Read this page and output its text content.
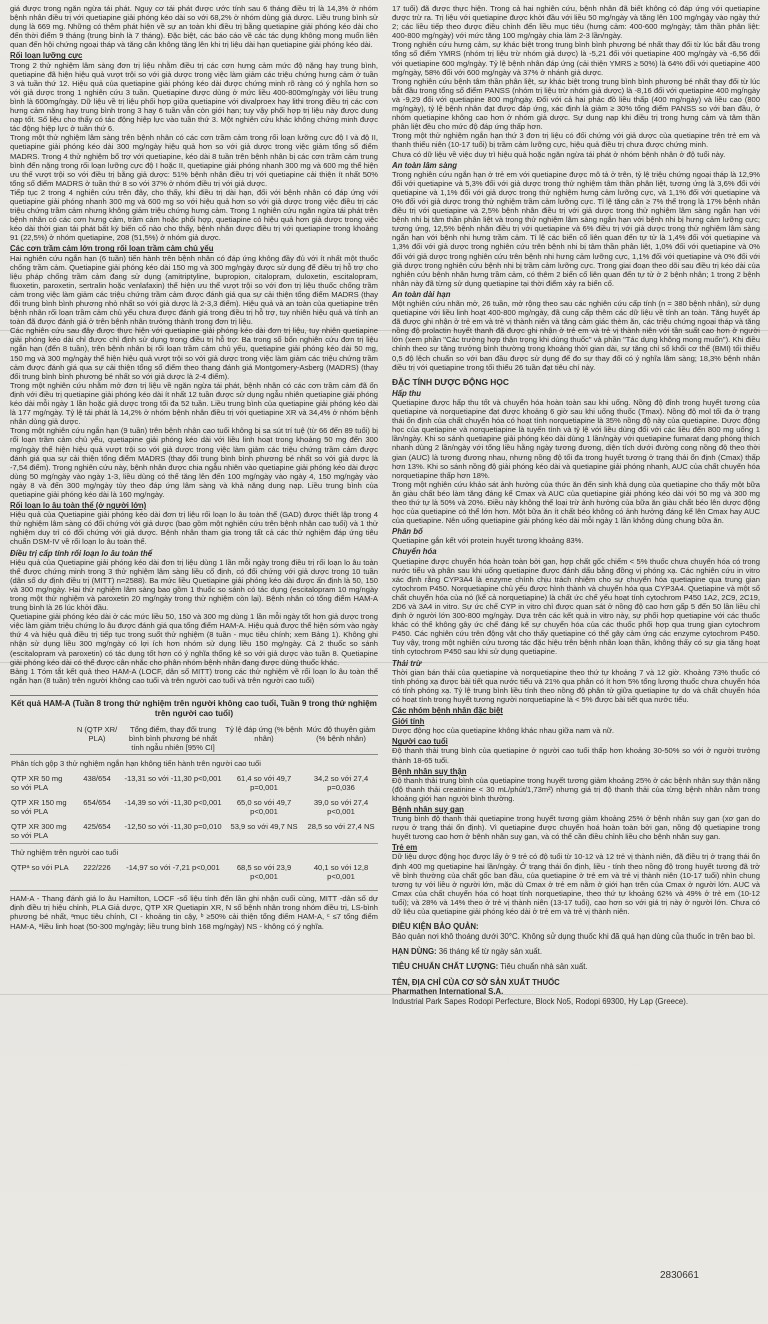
giá được trong ngăn ngừa tái phát. Nguy cơ tái phát được ước tính sau 6 tháng điều trị là 14,3% ở nhóm bệnh nhân điều trị với quetiapine giải phóng kéo dài so với 68,2% ở nhóm dùng giả dược. Liều trung bình sử dụng là 669 mg. Những có thêm phát hiện về sự an toàn khi điều trị bằng quetiapine giải phóng kéo dài cho đến thời điểm 9 tháng (trung bình là 7 tháng). Đặc biệt, các báo cáo về các tác dụng không mong muốn liên quan đến hội chứng ngoại tháp và tăng cân không tăng lên khi trị liệu dài hạn quetiapine giải phóng kéo dài.

Rối loạn lưỡng cực

Trong 2 thử nghiệm lâm sàng đơn trị liệu nhằm điều trị các cơn hưng cảm mức độ nặng hay trung bình, quetiapine đã hiện hiệu quả vượt trội so với giả dược trong việc làm giảm các triệu chứng hưng cảm ở tuần 3 và tuần thứ 12. Hiệu quả của quetiapine giải phóng kéo dài được chứng minh rõ ràng có ý nghĩa hơn so với giả dược trong 1 nghiên cứu 3 tuần. Quetiapine được dùng ở mức liều 400-800mg/ngày với liều trung bình là 600mg/ngày. Dữ liệu về trị liệu phối hợp giữa quetiapine với divalproex hay lithi trong điều trị các cơn hưng cảm nặng hay trung bình trong 3 hay 6 tuần vẫn còn giới hạn; tuy vậy phối hợp trị liệu này được dung nạp tốt. Số liệu cho thấy có tác động hiệp lực vào tuần thứ 3. Một nghiên cứu khác không chứng minh được tác động hiệp lực ở tuần thứ 6.

Trong một thử nghiệm lâm sàng trên bệnh nhân có các cơn trầm cảm trong rối loạn lưỡng cực độ I và độ II, quetiapine giải phóng kéo dài 300 mg/ngày hiệu quả hơn so với giả dược trong việc giảm tổng số điểm MADRS. Trong 4 thử nghiệm bổ trợ với quetiapine, kéo dài 8 tuần trên bệnh nhân bị các cơn trầm cảm trung bình đến nặng trong rối loạn lưỡng cực độ I hoặc II, quetiapine giải phóng nhanh 300 mg và 600 mg thể hiện ưu thế vượt trội so với điều trị bằng giả dược: 51% bệnh nhân điều trị với quetiapine cải thiện ít nhất 50% tổng số điểm MADRS ở tuần thứ 8 so với 37% ở nhóm điều trị với giả dược.

Tiếp tục 2 trong 4 nghiên cứu trên đây, cho thấy, khi điều trị dài hạn, đối với bệnh nhân có đáp ứng với quetiapine giải phóng nhanh 300 mg và 600 mg so với hiệu quả hơn so với giả dược trong việc điều trị các triệu chứng trầm cảm nhưng không giảm triệu chứng hưng cảm. Trong 1 nghiên cứu ngăn ngừa tái phát trên bệnh nhân có các cơn hưng cảm, trầm cảm hoặc phối hợp, quetiapine có hiệu quả hơn giả dược trong việc kéo dài thời gian tái phát bất kỳ biến cố nào cho thấy, bệnh nhân được điều trị với quetiapine trong khoảng 91 (22,5%) ở nhóm quetiapine, 208 (51,5%) ở nhóm giả dược.

Các cơn trầm cảm lớn trong rối loạn trầm cảm chủ yếu

Hai nghiên cứu ngắn hạn (6 tuần) tiến hành trên bệnh nhân có đáp ứng không đầy đủ với ít nhất một thuốc chống trầm cảm. Quetiapine giải phóng kéo dài 150 mg và 300 mg/ngày được sử dụng để điều trị hỗ trợ cho liệu pháp chống trầm cảm đang sử dụng (amitriptyline, bupropion, citalopram, duloxetin, escitalopram, fluoxetin, paroxetin, sertralin hoặc venlafaxin) thể hiện ưu thế vượt trội so với đơn trị liệu thuốc chống trầm cảm trong việc làm giảm các triệu chứng trầm cảm được đánh giá qua sự cải thiện tổng điểm MADRS (thay đổi trung bình bình phương nhỏ nhất so với giả dược là 2-3,3 điểm). Hiệu quả và an toàn của quetiapine trên bệnh nhân rối loạn trầm cảm chủ yếu chưa được đánh giá trong điều trị hỗ trợ, tuy nhiên hiệu quả và tính an toàn đã được đánh giá ở trên bệnh nhân trưởng thành trong đơn trị liệu.

Các nghiên cứu sau đây được thực hiện với quetiapine giải phóng kéo dài đơn trị liệu, tuy nhiên quetiapine giải phóng kéo dài chỉ được chỉ định sử dụng trong điều trị hỗ trợ: Ba trong số bốn nghiên cứu đơn trị liệu ngắn hạn (đến 8 tuần), trên bệnh nhân bị rối loạn trầm cảm chủ yếu, quetiapine giải phóng kéo dài 50 mg, 150 mg và 300 mg/ngày thể hiện hiệu quả vượt trội so với giả dược trong việc làm giảm các triệu chứng trầm cảm được đánh giá qua sự cải thiện tổng số điểm theo thang đánh giá Montgomery-Asberg (MADRS) (thay đổi trung bình bình phương bé nhất so với giả dược là 2-4 điểm).

Trong một nghiên cứu nhằm mở đơn trị liệu về ngăn ngừa tái phát, bệnh nhân có các cơn trầm cảm đã ổn định với điều trị quetiapine giải phóng kéo dài ít nhất 12 tuần được sử dụng ngẫu nhiên quetiapine giải phóng kéo dài mỗi ngày 1 lần hoặc giả dược trong tối đa 52 tuần. Liều trung bình của quetiapine giải phóng kéo dài là 177 mg/ngày. Tỷ lệ tái phát là 14,2% ở nhóm bệnh nhân điều trị với quetiapine XR và 34,4% ở nhóm bệnh nhân dùng giả dược.

Trong một nghiên cứu ngắn hạn (9 tuần) trên bệnh nhân cao tuổi không bị sa sút trí tuệ (từ 66 đến 89 tuổi) bị rối loạn trầm cảm chủ yếu, quetiapine giải phóng kéo dài với liều linh hoạt trong khoảng 50 mg đến 300 mg/ngày thể hiện hiệu quả vượt trội so với giả dược trong việc làm giảm các triệu chứng trầm cảm được đánh giá qua sự cải thiện tổng điểm MADRS (thay đổi trung bình bình phương bé nhất so với giả dược là -7,54 điểm). Trong nghiên cứu này, bệnh nhân được chia ngẫu nhiên vào quetiapine giải phóng kéo dài được dùng 50 mg/ngày vào ngày 1-3, liều dùng có thể tăng lên đến 100 mg/ngày vào ngày 4, 150 mg/ngày vào ngày 8 và đến 300 mg/ngày tùy theo đáp ứng lâm sàng và khả năng dung nạp. Liều trung bình của quetiapine giải phóng kéo dài là 160 mg/ngày.

Rối loạn lo âu toàn thể (ở người lớn)

Hiệu quả của Quetiapine giải phóng kéo dài đơn trị liệu rối loạn lo âu toàn thể (GAD) được thiết lập trong 4 thử nghiệm lâm sàng có đối chứng với giả dược (bao gồm một nghiên cứu trên bệnh nhân cao tuổi) và 1 thử nghiệm duy trì có đối chứng với giả dược. Bệnh nhân tham gia trong tất cả các thử nghiệm đáp ứng tiêu chuẩn DSM-IV về rối loạn lo âu toàn thể.

Điều trị cấp tính rối loạn lo âu toàn thể

Hiệu quả của Quetiapine giải phóng kéo dài đơn trị liệu dùng 1 lần mỗi ngày trong điều trị rối loạn lo âu toàn thể được chứng minh trong 3 thử nghiệm lâm sàng liều cố định, có đối chứng với giả dược trong 10 tuần (dân số dự định điều trị (MITT) n=2588). Ba mức liều Quetiapine giải phóng kéo dài được ấn định là 50, 150 và 300 mg/ngày. Hai thử nghiệm lâm sàng bao gồm 1 thuốc so sánh có tác dụng (escitalopram 10 mg/ngày trong một thử nghiệm và paroxetin 20 mg/ngày trong thử nghiệm còn lại). Bệnh nhân có tổng điểm HAM-A trung bình là 26 lúc khởi đầu.

Quetiapine giải phóng kéo dài ở các mức liều 50, 150 và 300 mg dùng 1 lần mỗi ngày tốt hơn giả dược trong việc làm giảm triệu chứng lo âu được đánh giá qua tổng điểm HAM-A. Hiệu quả được thể hiện sớm vào ngày thứ 4 và hiệu quả điều trị tiếp tục trong suốt thử nghiệm (8 tuần - mục tiêu chính; xem Bảng 1). Không ghi nhận sử dụng liều 300 mg/ngày có lợi ích hơn nhóm sử dụng liều 150 mg/ngày. Cả 2 thuốc so sánh (escitalopram và paroxetin) có tác dụng tốt hơn có ý nghĩa thống kê so với giả dược vào tuần 8. Quetiapine giải phóng kéo dài có thể được cân nhắc cho phân nhóm bệnh nhân đang được dùng thuốc khác.

Bảng 1 Tóm tắt kết quả theo HAM-A (LOCF, dân số MITT) trong các thử nghiệm về rối loạn lo âu toàn thể ngắn hạn (8 tuần) trên người không cao tuổi và trên người cao tuổi và trên người cao tuổi)

Kết quả HAM-A (Tuần 8 trong thử nghiệm trên người không cao tuổi, Tuần 9 trong thử nghiệm trên người cao tuổi)
	N (QTP XR/ PLA)	Tổng điểm, thay đổi trung bình bình phương bé nhất tính ngẫu nhiên [95% CI]	Tỷ lệ đáp ứng (% bệnh nhân)	Mức độ thuyên giảm (% bệnh nhân)
Phân tích gộp 3 thử nghiệm ngắn hạn không tiến hành trên người cao tuổi				
QTP XR 50 mg so với PLA	438/654	-13,31 so với -11,30 p<0,001	61,4 so với 49,7 p=0,001	34,2 so với 27,4 p=0,036
QTP XR 150 mg so với PLA	654/654	-14,39 so với -11,30 p<0,001	65,0 so với 49,7 p<0,001	39,0 so với 27,4 p<0,001
QTP XR 300 mg so với PLA	425/654	-12,50 so với -11,30 p=0,010	53,9 so với 49,7 NS	28,5 so với 27,4 NS
Thử nghiệm trên người cao tuổi				
QTPᵃ so với PLA	222/226	-14,97 so với -7,21 p<0,001	68,5 so với 23,9 p<0,001	40,1 so với 12,8 p<0,001
HAM-A - Thang đánh giá lo âu Hamilton, LOCF -số liệu tính đến lần ghi nhận cuối cùng, MITT -dân số dự định điều trị hiệu chỉnh, PLA Giả dược, QTP XR Quetiapin XR, N số bệnh nhân trong nhóm điều trị, LS-bình phương bé nhất, ᵃmục tiêu chính, CI - khoảng tin cậy, ᵇ ≥50% cải thiện tổng điểm HAM-A, ᶜ ≤7 tổng điểm HAM-A, ᵃliều linh hoạt (50-300 mg/ngày; liều trung bình 168 mg/ngày) NS - không có ý nghĩa.

17 tuổi) đã được thực hiện. Trong cả hai nghiên cứu, bệnh nhân đã biết không có đáp ứng với quetiapine được trừ ra. Trị liệu với quetiapine được khởi đầu với liều 50 mg/ngày và tăng lên 100 mg/ngày vào ngày thứ 2; các liều tiếp theo được điều chỉnh đến liều mục tiêu (hưng cảm: 400-600 mg/ngày; tâm thần phân liệt: 400-800 mg/ngày) với mức tăng 100 mg/ngày chia làm 2-3 lần/ngày.

Trong nghiên cứu hưng cảm, sự khác biệt trong trung bình bình phương bé nhất thay đổi từ lúc bắt đầu trong tổng số điểm YMRS (nhóm trị liệu trừ nhóm giả dược) là -5,21 đối với quetiapine 400 mg/ngày và -6,56 đối với quetiapine 600 mg/ngày. Tỷ lệ bệnh nhân đáp ứng (cải thiện YMRS ≥ 50%) là 64% đối với quetiapine 400 mg/ngày, 58% đối với 600 mg/ngày và 37% ở nhánh giả dược.

Trong nghiên cứu bệnh tâm thần phân liệt, sự khác biệt trong trung bình bình phương bé nhất thay đổi từ lúc bắt đầu trong tổng số điểm PANSS (nhóm trị liệu trừ nhóm giả dược) là -8,16 đối với quetiapine 400 mg/ngày và -9,29 đối với quetiapine 800 mg/ngày. Đối với cả hai phác đồ liều thấp (400 mg/ngày) và liều cao (800 mg/ngày), tỷ lệ bệnh nhân đạt được đáp ứng, xác định là giảm ≥ 30% tổng điểm PANSS so với ban đầu, ở nhóm quetiapine không cao hơn ở nhóm giả dược. Sự dung nạp khi điều trị trong hưng cảm và tâm thần phân liệt đều cho mức độ đáp ứng thấp hơn.

Trong một thử nghiệm ngắn hạn thứ 3 đơn trị liệu có đối chứng với giả dược của quetiapine trên trẻ em và thanh thiếu niên (10-17 tuổi) bị trầm cảm lưỡng cực, hiệu quả điều trị chưa được chứng minh.

Chưa có dữ liệu về việc duy trì hiệu quả hoặc ngăn ngừa tái phát ở nhóm bệnh nhân ở độ tuổi này.

An toàn lâm sàng

Trong nghiên cứu ngắn hạn ở trẻ em với quetiapine được mô tả ở trên, tỷ lệ triệu chứng ngoại tháp là 12,9% đối với quetiapine và 5,3% đối với giả dược trong thử nghiệm tâm thần phân liệt, tương ứng là 3,6% đối với quetiapine và 1,1% đối với giả dược trong thử nghiệm hưng cảm lưỡng cực, và 1,1% đối với quetiapine và 0% đối với giả dược trong thử nghiệm trầm cảm lưỡng cực. Tỉ lệ tăng cân ≥ 7% thể trọng là 17% bệnh nhân điều trị với quetiapine và 2,5% bệnh nhân điều trị với giả dược trong thử nghiệm lâm sàng ngắn hạn với bệnh nhi bị tâm thần phân liệt và trong thử nghiệm lâm sàng ngắn hạn với bệnh nhi bị hưng cảm lưỡng cực; tương ứng, 12,5% bệnh nhân điều trị với quetiapine và 6% điều trị với giả dược trong thử nghiệm lâm sàng ngắn hạn với bệnh nhi hưng trầm cảm. Tỉ lệ các biến cố liên quan đến tự tử là 1,4% đối với quetiapine và 1,3% đối với giả dược trong nghiên cứu trên bệnh nhi bị tâm thần phân liệt, 1,0% đối với quetiapine và 0% đối với giả dược trong nghiên cứu trên bệnh nhi hưng cảm lưỡng cực, 1,1% đối với quetiapine và 0% đối với giả dược trong nghiên cứu bệnh nhi bị trầm cảm lưỡng cực. Trong giai đoạn theo dõi sau điều trị kéo dài của nghiên cứu bệnh nhân hưng trầm cảm, có thêm 2 biến cố liên quan đến tự tử ở 2 bệnh nhân; 1 trong 2 bệnh nhân này đã từng sử dụng quetiapine tại thời điểm xảy ra biến cố.

An toàn dài hạn

Một nghiên cứu nhãn mở, 26 tuần, mở rộng theo sau các nghiên cứu cấp tính (n = 380 bệnh nhân), sử dụng quetiapine với liều linh hoạt 400-800 mg/ngày, đã cung cấp thêm các dữ liệu về tính an toàn. Tăng huyết áp đã được ghi nhận ở trẻ em và trẻ vị thành niên và tăng cảm giác thèm ăn, các triệu chứng ngoại tháp và tăng nồng độ prolactin huyết thanh đã được ghi nhận ở trẻ em và trẻ vị thành niên với tần suất cao hơn ở người lớn (xem phần "Các trường hợp thận trọng khi dùng thuốc" và phần "Tác dụng không mong muốn"). Khi điều chỉnh theo sự tăng trưởng bình thường trong khoảng thời gian dài, sự tăng chỉ số khối cơ thể (BMI) tối thiểu 0,5 độ lệch chuẩn so với ban đầu được sử dụng để đo sự thay đổi có ý nghĩa lâm sàng; 18,3% bệnh nhân điều trị với quetiapine trong tối thiểu 26 tuần đạt tiêu chí này.

ĐẶC TÍNH DƯỢC ĐỘNG HỌC
Hấp thu

Quetiapine được hấp thu tốt và chuyển hóa hoàn toàn sau khi uống. Nồng độ đỉnh trong huyết tương của quetiapine và norquetiapine đạt được khoảng 6 giờ sau khi uống thuốc (Tmax). Nồng độ mol tối đa ở trạng thái ổn định của chất chuyển hóa có hoạt tính norquetiapine là 35% nồng độ này của quetiapine. Dược động học của quetiapine và norquetiapine là tuyến tính và tỷ lệ với liều dùng đối với các liều đến 800 mg uống 1 lần/ngày. Khi so sánh quetiapine giải phóng kéo dài dùng 1 lần/ngày với quetiapine fumarat dạng phóng thích nhanh dùng 2 lần/ngày với tổng liều hằng ngày tương đương, diện tích dưới đường cong nồng độ theo thời gian (AUC) là tương đương nhau, nhưng nồng độ tối đa trong huyết tương ở trạng thái ổn định (Cmax) thấp hơn 13%. Khi so sánh nồng độ giải phóng kéo dài và quetiapine giải phóng nhanh, AUC của chất chuyển hóa norquetiapine thấp hơn 18%.

Trong một nghiên cứu khảo sát ảnh hưởng của thức ăn đến sinh khả dụng của quetiapine cho thấy một bữa ăn giàu chất béo làm tăng đáng kể Cmax và AUC của quetiapine giải phóng kéo dài với 50 mg và 300 mg theo thứ tự là 50% và 20%. Điều này không thể loại trừ ảnh hưởng của bữa ăn giàu chất béo lên dược động học của quetiapine có thể lớn hơn. Một bữa ăn ít chất béo không có ảnh hưởng đáng kể lên Cmax hay AUC của quetiapine. Nên uống quetiapine giải phóng kéo dài mỗi ngày 1 lần không dùng chung bữa ăn.

Phân bố

Quetiapine gắn kết với protein huyết tương khoảng 83%.

Chuyển hóa

Quetiapine được chuyển hóa hoàn toàn bởi gan, hợp chất gốc chiếm < 5% thuốc chưa chuyển hóa có trong nước tiểu và phân sau khi uống quetiapine được đánh dấu bằng đồng vị phóng xạ. Các nghiên cứu in vitro xác định rằng CYP3A4 là enzyme chính chịu trách nhiệm cho sự chuyển hóa quetiapine qua trung gian cytochrom P450. Norquetiapine chủ yếu được hình thành và chuyển hóa qua CYP3A4. Quetiapine và một số chất chuyển hóa của nó (kể cả norquetiapine) là chất ức chế yếu hoạt tính cytochrom P450 1A2, 2C9, 2C19, 2D6 và 3A4 in vitro. Sự ức chế CYP in vitro chỉ được quan sát ở nồng độ cao hơn gấp 5 đến 50 lần liều chỉ định ở người lớn 300-800 mg/ngày. Dựa trên các kết quả in vitro này, sự phối hợp quetiapine với các thuốc khác có thể không gây ức chế đáng kể sự chuyển hóa của các thuốc phối hợp qua trung gian cytochrom P450. Các nghiên cứu trên động vật cho thấy quetiapine có thể gây cảm ứng các enzyme cytochrom P450. Tuy vậy, trong một nghiên cứu tương tác đặc hiệu trên bệnh nhân loạn thần, không thấy có sự gia tăng hoạt tính cytochrom P450 sau khi sử dụng quetiapine.

Thải trừ

Thời gian bán thải của quetiapine và norquetiapine theo thứ tự khoảng 7 và 12 giờ. Khoảng 73% thuốc có tính phóng xạ được bài tiết qua nước tiểu và 21% qua phân có ít hơn 5% tổng lượng thuốc chưa chuyển hóa có tính phóng xạ. Tỷ lệ trung bình liều tính theo nồng độ phân tử giữa quetiapine tự do và chất chuyển hóa có hoạt tính trong huyết tương người norquetiapine là < 5% được bài tiết qua nước tiểu.

Các nhóm bệnh nhân đặc biệt
Giới tính

Dược động học của quetiapine không khác nhau giữa nam và nữ.

Người cao tuổi

Độ thanh thải trung bình của quetiapine ở người cao tuổi thấp hơn khoảng 30-50% so với ở người trưởng thành 18-65 tuổi.

Bệnh nhân suy thận

Độ thanh thải trung bình của quetiapine trong huyết tương giảm khoảng 25% ở các bệnh nhân suy thận nặng (độ thanh thải creatinine < 30 mL/phút/1,73m²) nhưng giá trị độ thanh thải của từng bệnh nhân nằm trong khoảng giới hạn người bình thường.

Bệnh nhân suy gan

Trung bình độ thanh thải quetiapine trong huyết tương giảm khoảng 25% ở bệnh nhân suy gan (xơ gan do rượu ở trạng thái ổn định). Vì quetiapine được chuyển hoá hoàn toàn bởi gan, nồng độ quetiapine trong huyết tương cao hơn ở bệnh nhân suy gan, và có thể cần điều chỉnh liều cho bệnh nhân suy gan.

Trẻ em

Dữ liệu dược động học được lấy ở 9 trẻ có độ tuổi từ 10-12 và 12 trẻ vị thành niên, đã điều trị ở trạng thái ổn định 400 mg quetiapine hai lần/ngày. Ở trạng thái ổn định, liều - tính theo nồng độ trong huyết tương đã trở về bình thường của chất gốc ban đầu, của quetiapine ở trẻ em và trẻ vị thành niên (10-17 tuổi) nhìn chung tương tự với liều ở người lớn, mặc dù Cmax ở trẻ em nằm ở giới hạn trên của Cmax ở người lớn. AUC và Cmax của chất chuyển hóa có hoạt tính norquetiapine, theo thứ tự khoảng 62% và 49% ở trẻ em (10-12 tuổi); và 28% và 14% theo ở trẻ vị thành niên (13-17 tuổi), cao hơn so với giá trị này ở người lớn. Chưa có dữ liệu của quetiapine giải phóng kéo dài ở trẻ em và trẻ vị thành niên.

ĐIỀU KIỆN BẢO QUẢN:
Bảo quản nơi khô thoáng dưới 30°C. Không sử dụng thuốc khi đã quá hạn dùng của thuốc in trên bao bì.
HẠN DÙNG: 36 tháng kể từ ngày sản xuất.
TIÊU CHUẨN CHẤT LƯỢNG: Tiêu chuẩn nhà sản xuất.
TÊN, ĐỊA CHỈ CỦA CƠ SỞ SẢN XUẤT THUỐC
Pharmathen International S.A.
Industrial Park Sapes Rodopi Perfecture, Block No5, Rodopi 69300, Hy Lạp (Greece).
2830661
